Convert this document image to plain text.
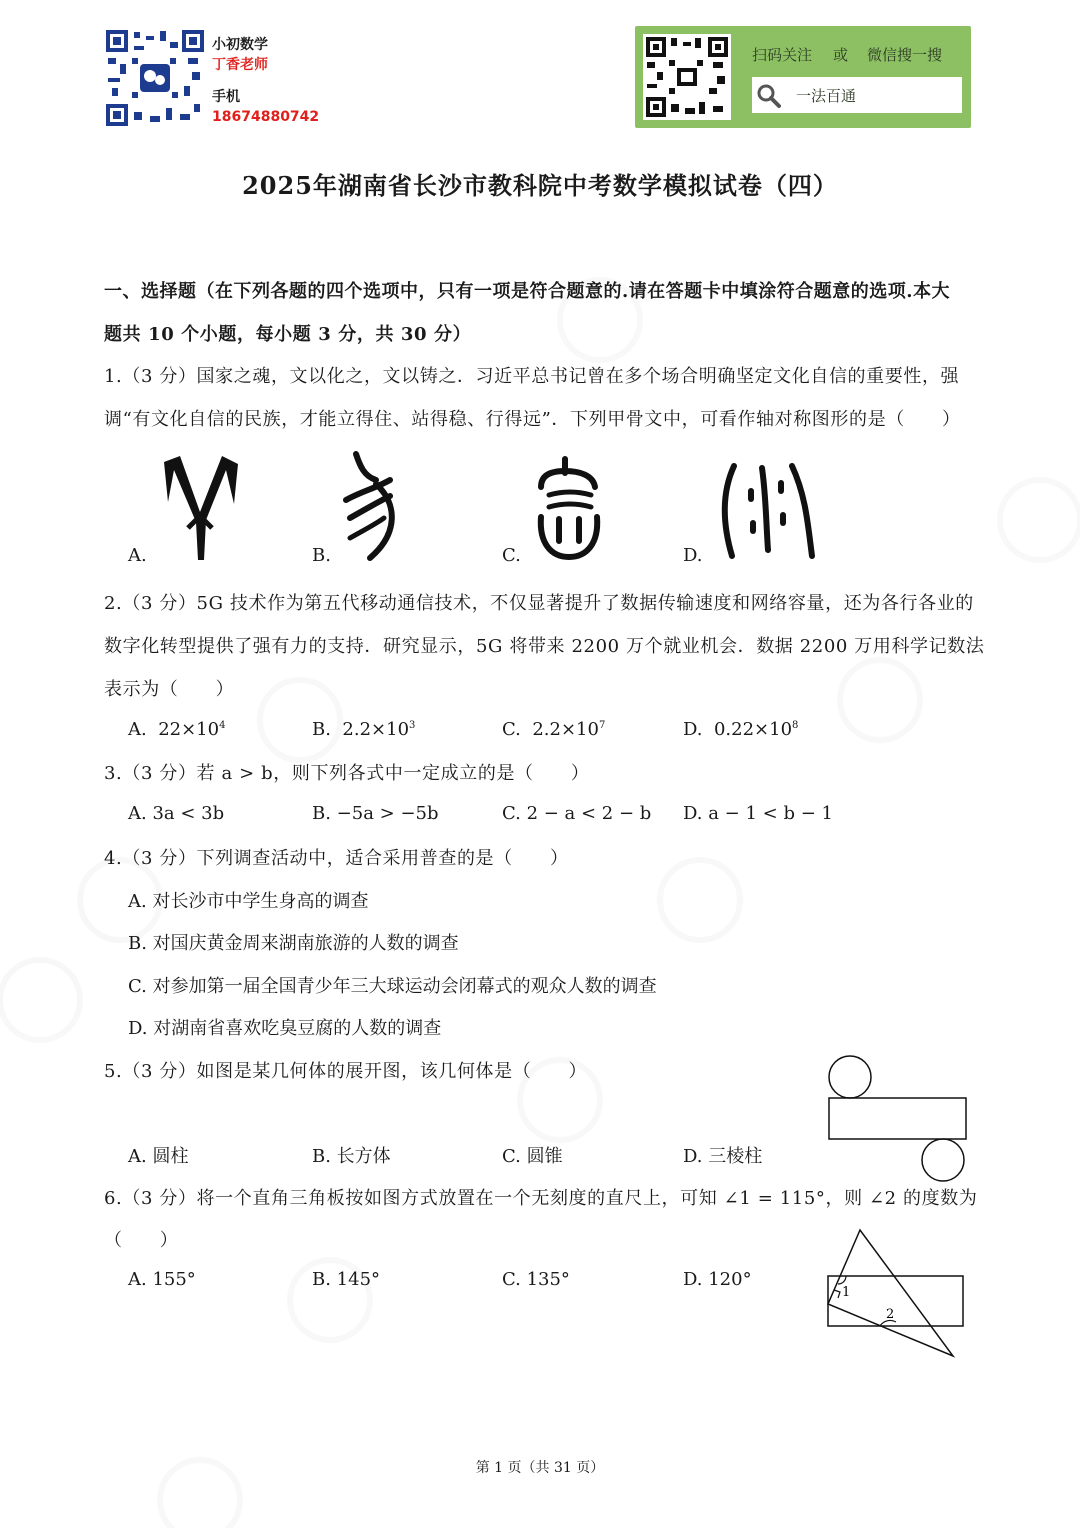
小初数学
丁香老师
手机
18674880742
扫码关注 或 微信搜一搜
一法百通
2025年湖南省长沙市教科院中考数学模拟试卷（四）
一、选择题（在下列各题的四个选项中，只有一项是符合题意的.请在答题卡中填涂符合题意的选项.本大
题共 10 个小题，每小题 3 分，共 30 分）
1.（3 分）国家之魂，文以化之，文以铸之．习近平总书记曾在多个场合明确坚定文化自信的重要性，强
调“有文化自信的民族，才能立得住、站得稳、行得远”．下列甲骨文中，可看作轴对称图形的是（　　）
A.	B.	C.	D.
2.（3 分）5G 技术作为第五代移动通信技术，不仅显著提升了数据传输速度和网络容量，还为各行各业的
数字化转型提供了强有力的支持．研究显示，5G 将带来 2200 万个就业机会．数据 2200 万用科学记数法
表示为（　　）
A. $22\times 10^4$	B. $2.2\times 10^3$	C. $2.2\times 10^7$	D. $0.22\times 10^8$
3.（3 分）若 a > b，则下列各式中一定成立的是（　　）
A. 3a < 3b	B. −5a > −5b	C. 2 − a < 2 − b D. a − 1 < b − 1
4.（3 分）下列调查活动中，适合采用普查的是（　　）
A. 对长沙市中学生身高的调查
B. 对国庆黄金周来湖南旅游的人数的调查
C. 对参加第一届全国青少年三大球运动会闭幕式的观众人数的调查
D. 对湖南省喜欢吃臭豆腐的人数的调查
5.（3 分）如图是某几何体的展开图，该几何体是（　　）
A. 圆柱	B. 长方体	C. 圆锥	D. 三棱柱
6.（3 分）将一个直角三角板按如图方式放置在一个无刻度的直尺上，可知 ∠1 = 115°，则 ∠2 的度数为
（　　）
A. 155°	B. 145°	C. 135°	D. 120°
1
2
第 1 页（共 31 页）
